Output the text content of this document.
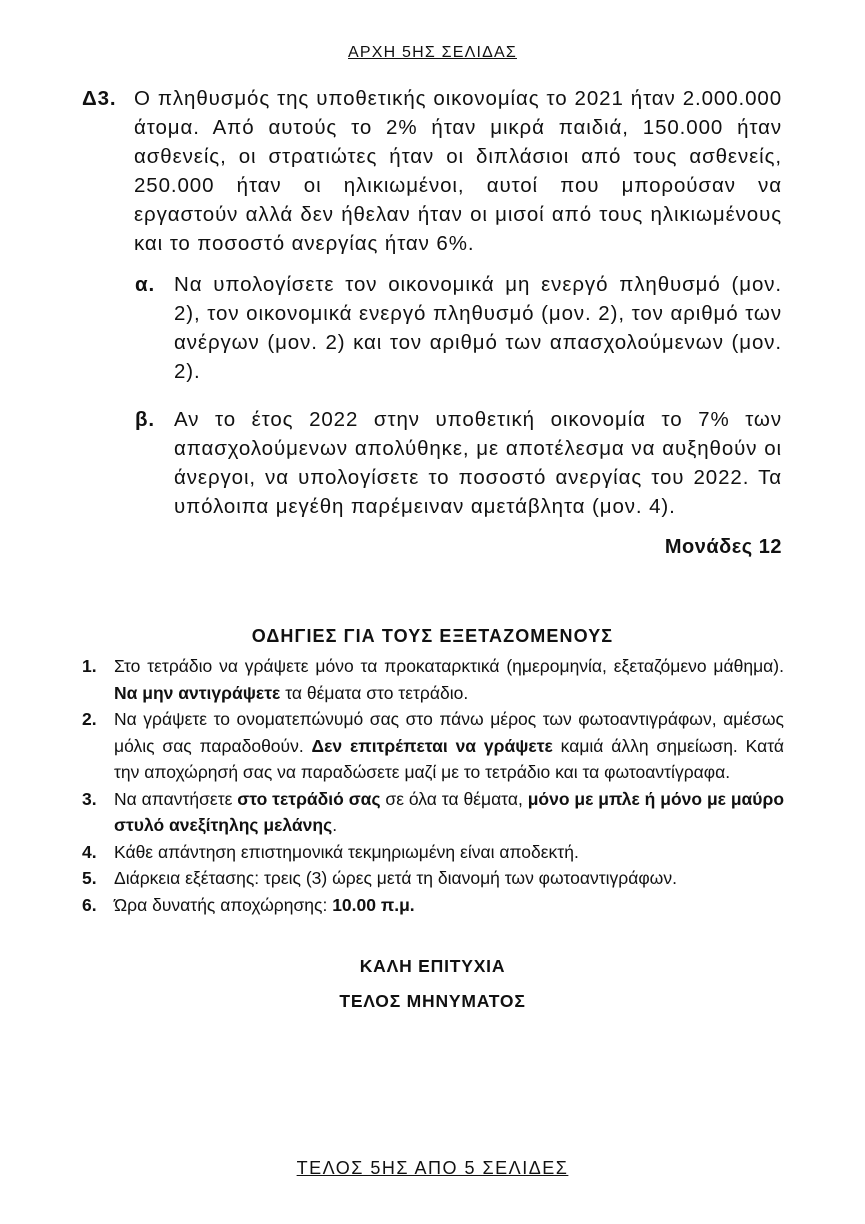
ΑΡΧΗ 5ΗΣ ΣΕΛΙΔΑΣ
Δ3. Ο πληθυσμός της υποθετικής οικονομίας το 2021 ήταν 2.000.000 άτομα. Από αυτούς το 2% ήταν μικρά παιδιά, 150.000 ήταν ασθενείς, οι στρατιώτες ήταν οι διπλάσιοι από τους ασθενείς, 250.000 ήταν οι ηλικιωμένοι, αυτοί που μπορούσαν να εργαστούν αλλά δεν ήθελαν ήταν οι μισοί από τους ηλικιωμένους και το ποσοστό ανεργίας ήταν 6%.
α. Να υπολογίσετε τον οικονομικά μη ενεργό πληθυσμό (μον. 2), τον οικονομικά ενεργό πληθυσμό (μον. 2), τον αριθμό των ανέργων (μον. 2) και τον αριθμό των απασχολούμενων (μον. 2).
β. Αν το έτος 2022 στην υποθετική οικονομία το 7% των απασχολούμενων απολύθηκε, με αποτέλεσμα να αυξηθούν οι άνεργοι, να υπολογίσετε το ποσοστό ανεργίας του 2022. Τα υπόλοιπα μεγέθη παρέμειναν αμετάβλητα (μον. 4).
Μονάδες 12
ΟΔΗΓΙΕΣ ΓΙΑ ΤΟΥΣ ΕΞΕΤΑΖΟΜΕΝΟΥΣ
1. Στο τετράδιο να γράψετε μόνο τα προκαταρκτικά (ημερομηνία, εξεταζόμενο μάθημα). Να μην αντιγράψετε τα θέματα στο τετράδιο.
2. Να γράψετε το ονοματεπώνυμό σας στο πάνω μέρος των φωτοαντιγράφων, αμέσως μόλις σας παραδοθούν. Δεν επιτρέπεται να γράψετε καμιά άλλη σημείωση. Κατά την αποχώρησή σας να παραδώσετε μαζί με το τετράδιο και τα φωτοαντίγραφα.
3. Να απαντήσετε στο τετράδιό σας σε όλα τα θέματα, μόνο με μπλε ή μόνο με μαύρο στυλό ανεξίτηλης μελάνης.
4. Κάθε απάντηση επιστημονικά τεκμηριωμένη είναι αποδεκτή.
5. Διάρκεια εξέτασης: τρεις (3) ώρες μετά τη διανομή των φωτοαντιγράφων.
6. Ώρα δυνατής αποχώρησης: 10.00 π.μ.
ΚΑΛΗ ΕΠΙΤΥΧΙΑ
ΤΕΛΟΣ ΜΗΝΥΜΑΤΟΣ
ΤΕΛΟΣ 5ΗΣ ΑΠΟ 5 ΣΕΛΙΔΕΣ
